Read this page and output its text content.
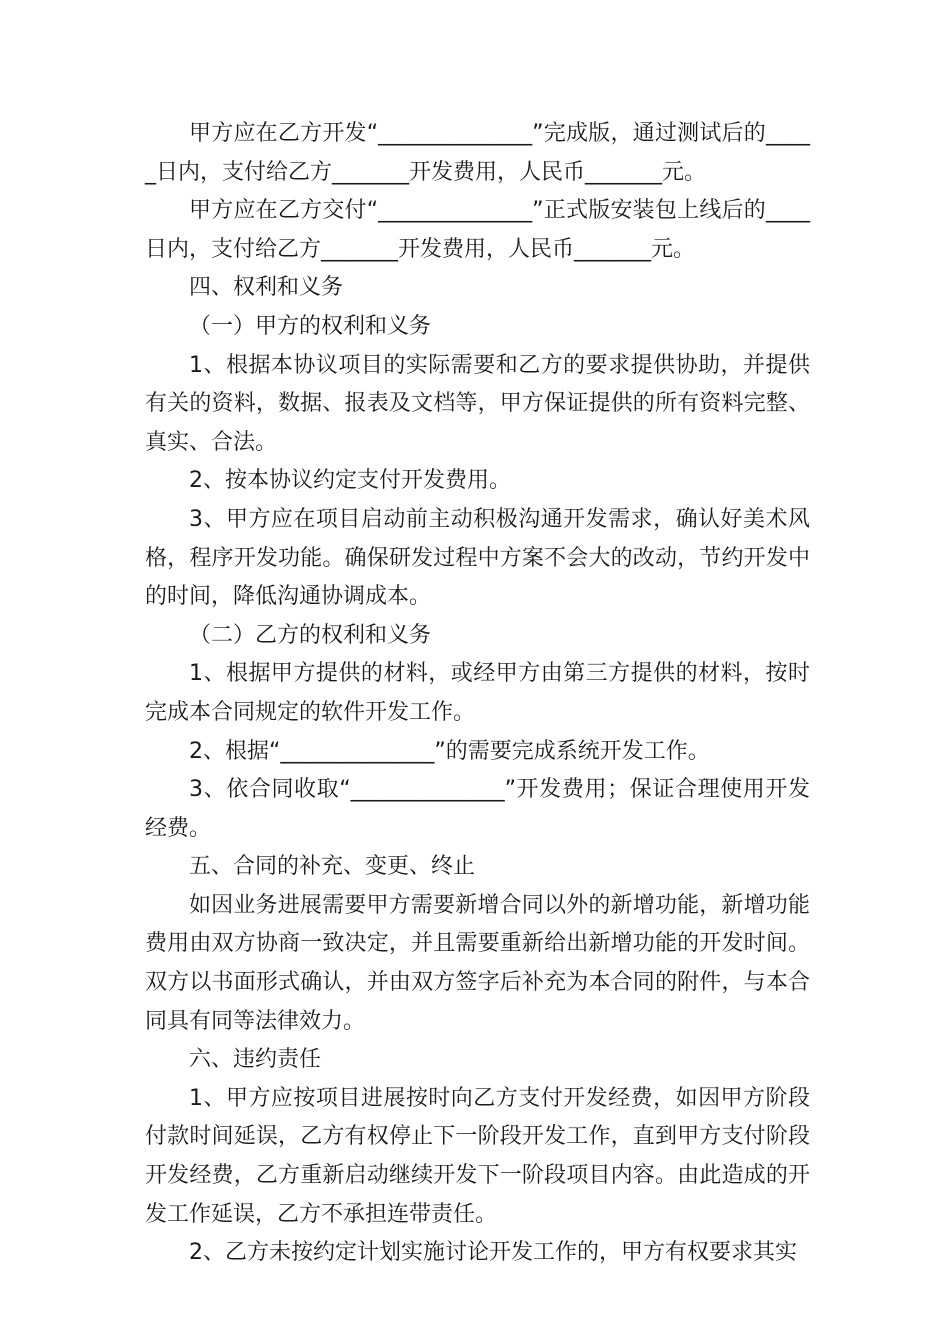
甲方应在乙方开发“______________”完成版，通过测试后的_____日内，支付给乙方_______开发费用，人民币_______元。

甲方应在乙方交付“______________”正式版安装包上线后的____日内，支付给乙方_______开发费用，人民币_______元。

四、权利和义务

（一）甲方的权利和义务

1、根据本协议项目的实际需要和乙方的要求提供协助，并提供有关的资料，数据、报表及文档等，甲方保证提供的所有资料完整、真实、合法。

2、按本协议约定支付开发费用。

3、甲方应在项目启动前主动积极沟通开发需求，确认好美术风格，程序开发功能。确保研发过程中方案不会大的改动，节约开发中的时间，降低沟通协调成本。

（二）乙方的权利和义务

1、根据甲方提供的材料，或经甲方由第三方提供的材料，按时完成本合同规定的软件开发工作。

2、根据“______________”的需要完成系统开发工作。

3、依合同收取“______________”开发费用；保证合理使用开发经费。

五、合同的补充、变更、终止

如因业务进展需要甲方需要新增合同以外的新增功能，新增功能费用由双方协商一致决定，并且需要重新给出新增功能的开发时间。双方以书面形式确认，并由双方签字后补充为本合同的附件，与本合同具有同等法律效力。

六、违约责任

1、甲方应按项目进展按时向乙方支付开发经费，如因甲方阶段付款时间延误，乙方有权停止下一阶段开发工作，直到甲方支付阶段开发经费，乙方重新启动继续开发下一阶段项目内容。由此造成的开发工作延误，乙方不承担连带责任。

2、乙方未按约定计划实施讨论开发工作的，甲方有权要求其实
